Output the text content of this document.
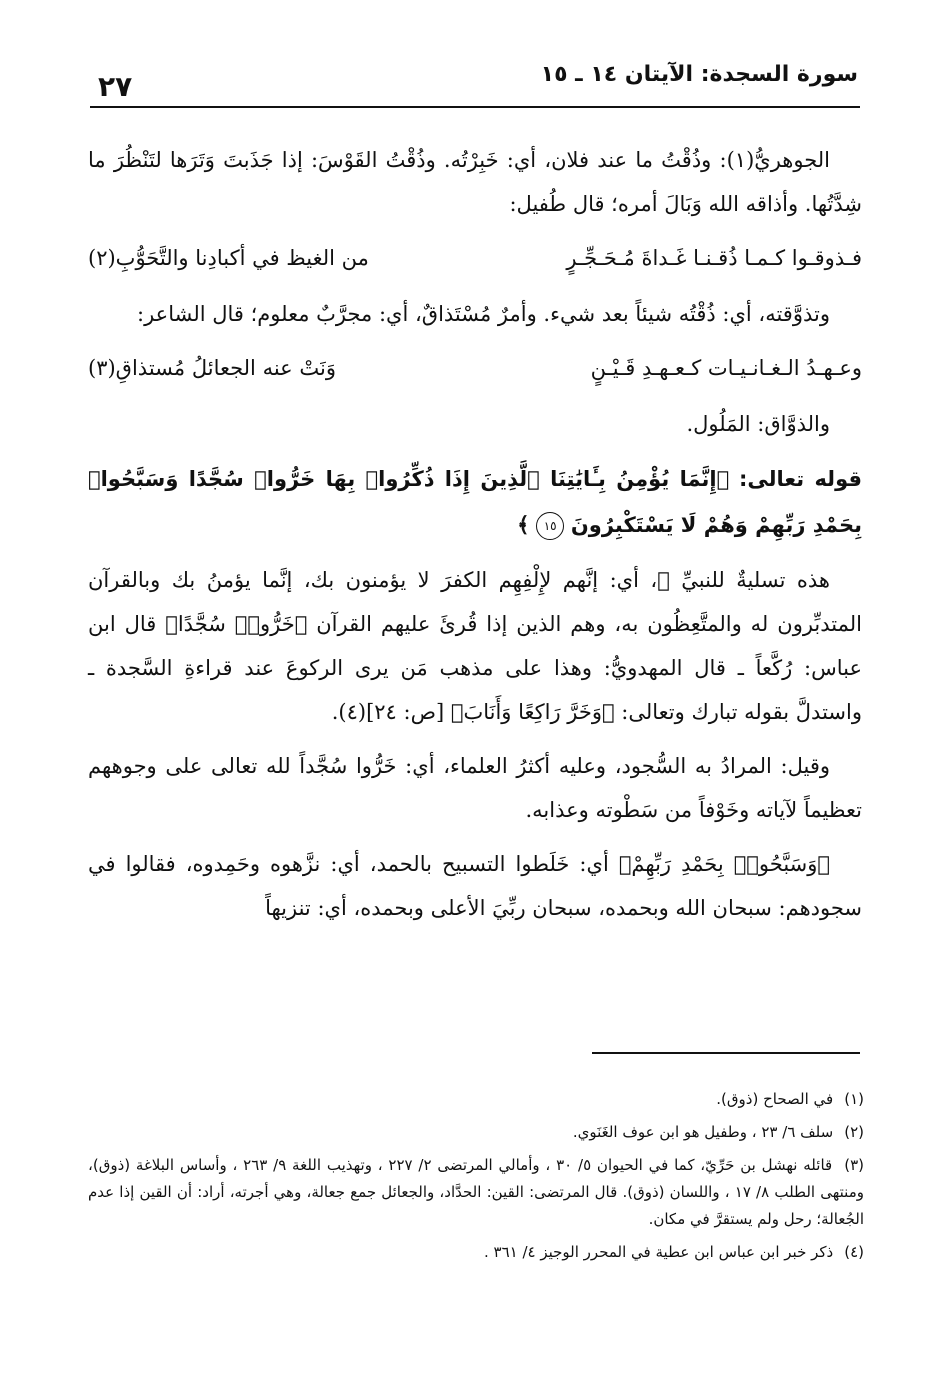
سورة السجدة: الآيتان ١٤ ـ ١٥
٢٧

الجوهريُّ(١): وذُقْتُ ما عند فلان، أي: خَبِرْتُه. وذُقْتُ القَوْسَ: إذا جَذَبتَ وَتَرَها لتَنْظُرَ ما شِدَّتُها. وأذاقه الله وَبَالَ أمره؛ قال طُفيل:

فـذوقـوا كـمـا ذُقـنـا غَـداةَ مُـحَـجِّـرٍ
من الغيظ في أكبادِنا والتَّحَوُّبِ(٢)

وتذوَّقته، أي: ذُقْتُه شيئاً بعد شيء. وأمرٌ مُسْتَذاقٌ، أي: مجرَّبٌ معلوم؛ قال الشاعر:

وعـهـدُ الـغـانـيـات كـعـهـدِ قَـيْـنٍ
وَنَتْ عنه الجعائلُ مُستذاقِ(٣)

والذوَّاق: المَلُول.

قوله تعالى: ﴿إِنَّمَا يُؤْمِنُ بِـَٔايَٰتِنَا ٱلَّذِينَ إِذَا ذُكِّرُوا۟ بِهَا خَرُّوا۟ سُجَّدًا وَسَبَّحُوا۟ بِحَمْدِ رَبِّهِمْ وَهُمْ لَا يَسْتَكْبِرُونَ ١٥ ﴾

هذه تسليةٌ للنبيِّ ﷺ، أي: إنَّهم لإِلْفِهِم الكفرَ لا يؤمنون بك، إنَّما يؤمنُ بك وبالقرآن المتدبِّرون له والمتَّعِظُون به، وهم الذين إذا قُرئَ عليهم القرآن ﴿خَرُّوا۟ سُجَّدًا﴾ قال ابن عباس: رُكَّعاً ـ قال المهدويُّ: وهذا على مذهب مَن يرى الركوعَ عند قراءةِ السَّجدة ـ واستدلَّ بقوله تبارك وتعالى: ﴿وَخَرَّ رَاكِعًا وَأَنَابَ﴾ [ص: ٢٤](٤).

وقيل: المرادُ به السُّجود، وعليه أكثرُ العلماء، أي: خَرُّوا سُجَّداً لله تعالى على وجوههم تعظيماً لآياته وخَوْفاً من سَطْوته وعذابه.

﴿وَسَبَّحُوا۟ بِحَمْدِ رَبِّهِمْ﴾ أي: خَلَطوا التسبيح بالحمد، أي: نزَّهوه وحَمِدوه، فقالوا في سجودهم: سبحان الله وبحمده، سبحان ربِّيَ الأعلى وبحمده، أي: تنزيهاً

(١) في الصحاح (ذوق).

(٢) سلف ٦/ ٢٣ ، وطفيل هو ابن عوف الغَنَوي.

(٣) قائله نهشل بن حَرِّيّ، كما في الحيوان ٥/ ٣٠ ، وأمالي المرتضى ٢/ ٢٢٧ ، وتهذيب اللغة ٩/ ٢٦٣ ، وأساس البلاغة (ذوق)، ومنتهى الطلب ٨/ ١٧ ، واللسان (ذوق). قال المرتضى: القين: الحدَّاد، والجعائل جمع جعالة، وهي أجرته، أراد: أن القين إذا عدم الجُعالة؛ رحل ولم يستقرَّ في مكان.

(٤) ذكر خبر ابن عباس ابن عطية في المحرر الوجيز ٤/ ٣٦١ .
